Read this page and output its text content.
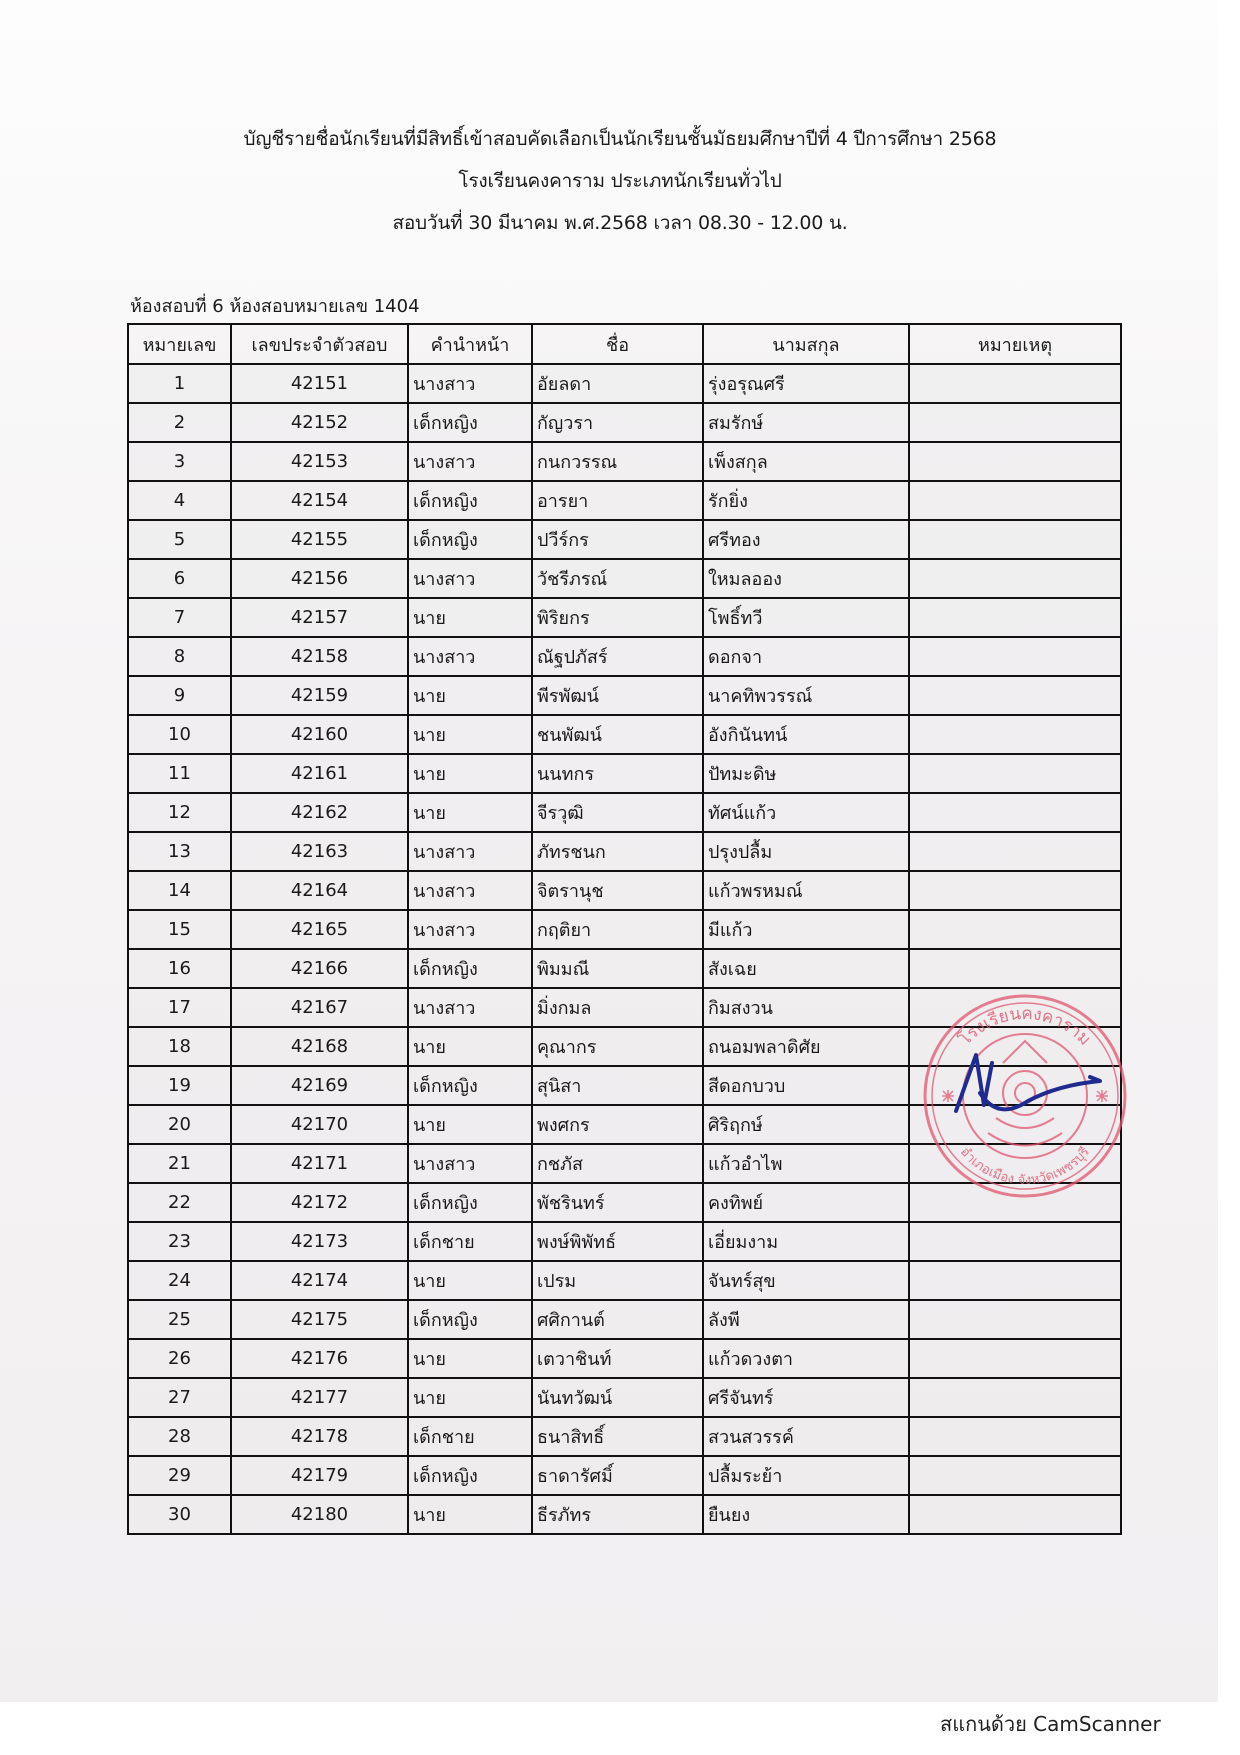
บัญชีรายชื่อนักเรียนที่มีสิทธิ์เข้าสอบคัดเลือกเป็นนักเรียนชั้นมัธยมศึกษาปีที่ 4 ปีการศึกษา 2568
โรงเรียนคงคาราม ประเภทนักเรียนทั่วไป
สอบวันที่ 30 มีนาคม พ.ศ.2568 เวลา 08.30 - 12.00 น.
ห้องสอบที่ 6 ห้องสอบหมายเลข 1404
หมายเลข	เลขประจำตัวสอบ	คำนำหน้า	ชื่อ	นามสกุล	หมายเหตุ
1	42151	นางสาว	อัยลดา	รุ่งอรุณศรี	
2	42152	เด็กหญิง	กัญวรา	สมรักษ์	
3	42153	นางสาว	กนกวรรณ	เพ็งสกุล	
4	42154	เด็กหญิง	อารยา	รักยิ่ง	
5	42155	เด็กหญิง	ปวีร์กร	ศรีทอง	
6	42156	นางสาว	วัชรีภรณ์	ใหมลออง	
7	42157	นาย	พิริยกร	โพธิ์ทวี	
8	42158	นางสาว	ณัฐปภัสร์	ดอกจา	
9	42159	นาย	พีรพัฒน์	นาคทิพวรรณ์	
10	42160	นาย	ชนพัฒน์	อังกินันทน์	
11	42161	นาย	นนทกร	ปัทมะดิษ	
12	42162	นาย	จีรวุฒิ	ทัศน์แก้ว	
13	42163	นางสาว	ภัทรชนก	ปรุงปลื้ม	
14	42164	นางสาว	จิตรานุช	แก้วพรหมณ์	
15	42165	นางสาว	กฤติยา	มีแก้ว	
16	42166	เด็กหญิง	พิมมณี	สังเฉย	
17	42167	นางสาว	มิ่งกมล	กิมสงวน	
18	42168	นาย	คุณากร	ถนอมพลาดิศัย	
19	42169	เด็กหญิง	สุนิสา	สีดอกบวบ	
20	42170	นาย	พงศกร	ศิริฤกษ์	
21	42171	นางสาว	กชภัส	แก้วอำไพ	
22	42172	เด็กหญิง	พัชรินทร์	คงทิพย์	
23	42173	เด็กชาย	พงษ์พิพัทธ์	เอี่ยมงาม	
24	42174	นาย	เปรม	จันทร์สุข	
25	42175	เด็กหญิง	ศศิกานต์	ลังพี	
26	42176	นาย	เตวาชินท์	แก้วดวงตา	
27	42177	นาย	นันทวัฒน์	ศรีจันทร์	
28	42178	เด็กชาย	ธนาสิทธิ์	สวนสวรรค์	
29	42179	เด็กหญิง	ธาดารัศมิ์	ปลื้มระย้า	
30	42180	นาย	ธีรภัทร	ยืนยง	
โรงเรียนคงคาราม
อำเภอเมือง จังหวัดเพชรบุรี
สแกนด้วย CamScanner
